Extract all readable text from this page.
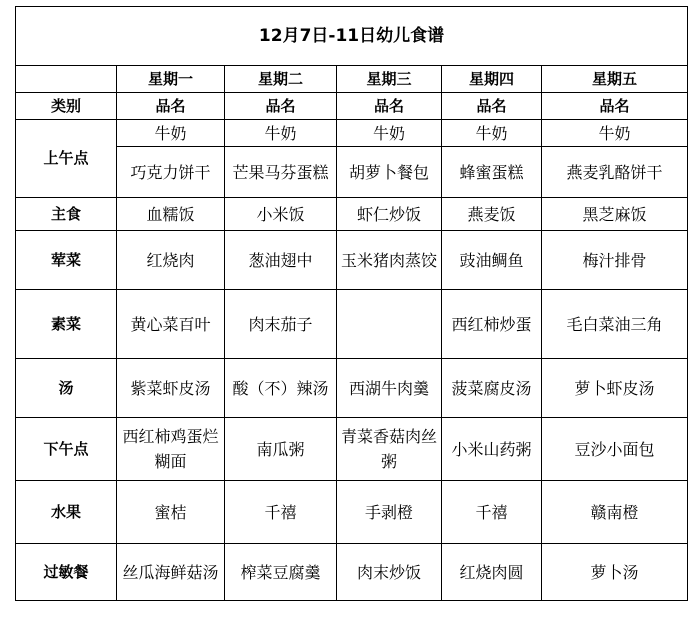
12月7日-11日幼儿食谱					
	星期一	星期二	星期三	星期四	星期五
类别	品名	品名	品名	品名	品名
上午点	牛奶	牛奶	牛奶	牛奶	牛奶
	巧克力饼干	芒果马芬蛋糕	胡萝卜餐包	蜂蜜蛋糕	燕麦乳酪饼干
主食	血糯饭	小米饭	虾仁炒饭	燕麦饭	黑芝麻饭
荤菜	红烧肉	葱油翅中	玉米猪肉蒸饺	豉油鲷鱼	梅汁排骨
素菜	黄心菜百叶	肉末茄子		西红柿炒蛋	毛白菜油三角
汤	紫菜虾皮汤	酸（不）辣汤	西湖牛肉羹	菠菜腐皮汤	萝卜虾皮汤
下午点	西红柿鸡蛋烂糊面	南瓜粥	青菜香菇肉丝粥	小米山药粥	豆沙小面包
水果	蜜桔	千禧	手剥橙	千禧	赣南橙
过敏餐	丝瓜海鲜菇汤	榨菜豆腐羹	肉末炒饭	红烧肉圆	萝卜汤
